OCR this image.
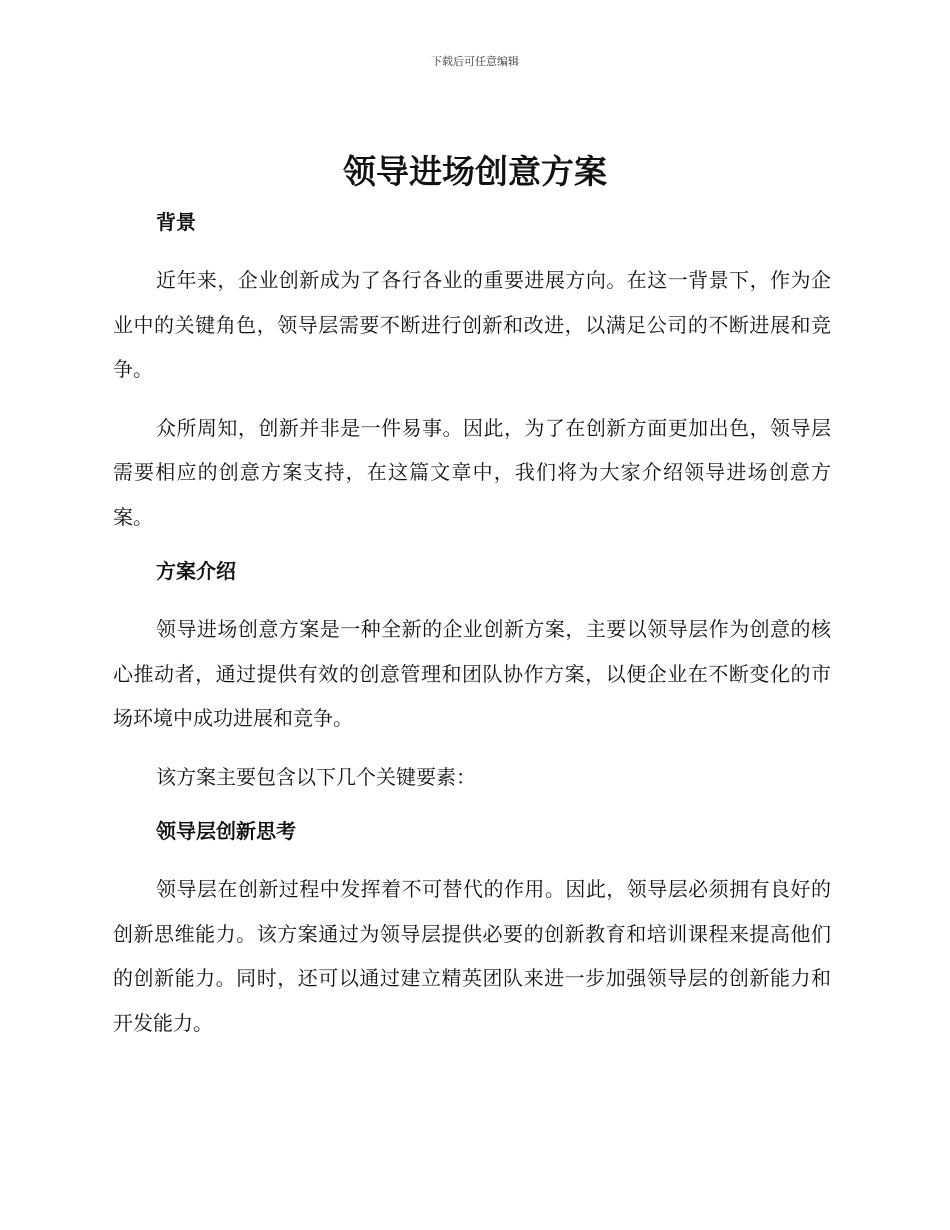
下载后可任意编辑
领导进场创意方案
背景

近年来，企业创新成为了各行各业的重要进展方向。在这一背景下，作为企业中的关键角色，领导层需要不断进行创新和改进，以满足公司的不断进展和竞争。

众所周知，创新并非是一件易事。因此，为了在创新方面更加出色，领导层需要相应的创意方案支持，在这篇文章中，我们将为大家介绍领导进场创意方案。

方案介绍

领导进场创意方案是一种全新的企业创新方案，主要以领导层作为创意的核心推动者，通过提供有效的创意管理和团队协作方案，以便企业在不断变化的市场环境中成功进展和竞争。

该方案主要包含以下几个关键要素：

领导层创新思考

领导层在创新过程中发挥着不可替代的作用。因此，领导层必须拥有良好的创新思维能力。该方案通过为领导层提供必要的创新教育和培训课程来提高他们的创新能力。同时，还可以通过建立精英团队来进一步加强领导层的创新能力和开发能力。
